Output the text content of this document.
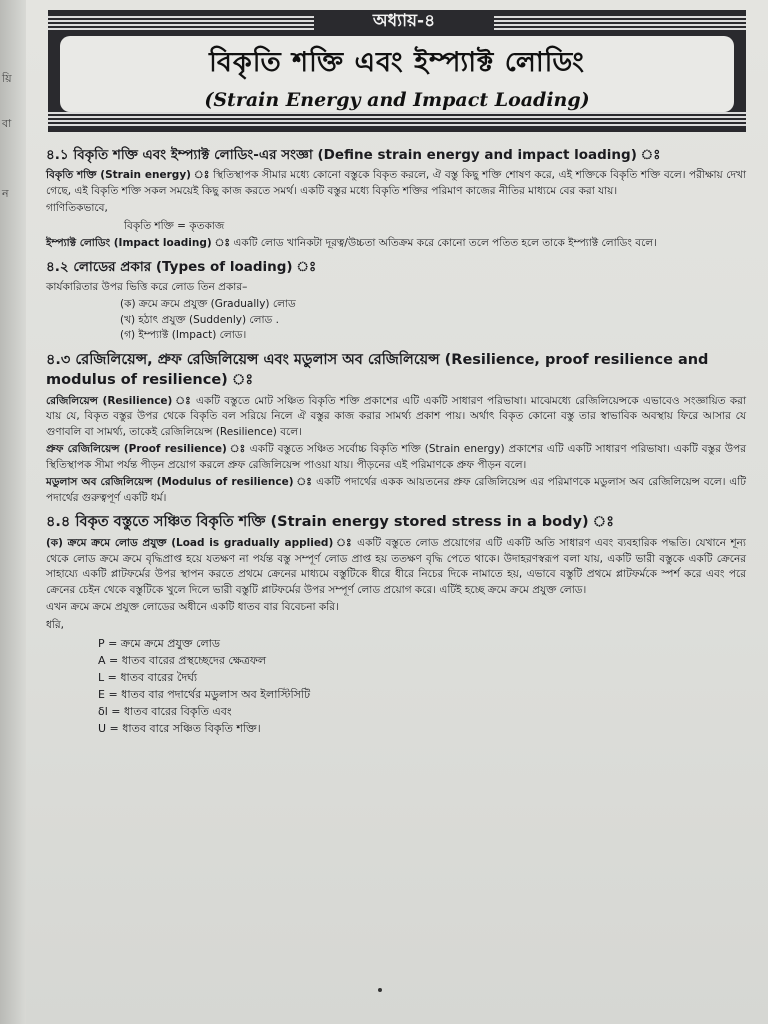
য়ি
বা
ন
অধ্যায়-৪
বিকৃতি শক্তি এবং ইম্প্যাক্ট লোডিং
(Strain Energy and Impact Loading)
৪.১ বিকৃতি শক্তি এবং ইম্প্যাক্ট লোডিং-এর সংজ্ঞা (Define strain energy and impact loading) ঃ

বিকৃতি শক্তি (Strain energy) ঃ স্থিতিস্থাপক সীমার মধ্যে কোনো বস্তুকে বিকৃত করলে, ঐ বস্তু কিছু শক্তি শোষণ করে, এই শক্তিকে বিকৃতি শক্তি বলে। পরীক্ষায় দেখা গেছে, এই বিকৃতি শক্তি সকল সময়েই কিছু কাজ করতে সমর্থ। একটি বস্তুর মধ্যে বিকৃতি শক্তির পরিমাণ কাজের নীতির মাধ্যমে বের করা যায়।

গাণিতিকভাবে,

বিকৃতি শক্তি = কৃতকাজ

ইম্প্যাক্ট লোডিং (Impact loading) ঃ একটি লোড খানিকটা দূরত্ব/উচ্চতা অতিক্রম করে কোনো তলে পতিত হলে তাকে ইম্প্যাক্ট লোডিং বলে।

৪.২ লোডের প্রকার (Types of loading) ঃ

কার্যকারিতার উপর ভিত্তি করে লোড তিন প্রকার–

(ক) ক্রমে ক্রমে প্রযুক্ত (Gradually) লোড
(খ) হঠাৎ প্রযুক্ত (Suddenly) লোড .
(গ) ইম্প্যাক্ট (Impact) লোড।
৪.৩ রেজিলিয়েন্স, প্রুফ রেজিলিয়েন্স এবং মডুলাস অব রেজিলিয়েন্স (Resilience, proof resilience and modulus of resilience) ঃ

রেজিলিয়েন্স (Resilience) ঃ একটি বস্তুতে মোট সঞ্চিত বিকৃতি শক্তি প্রকাশের এটি একটি সাধারণ পরিভাষা। মাঝেমধ্যে রেজিলিয়েন্সকে এভাবেও সংজ্ঞায়িত করা যায় যে, বিকৃত বস্তুর উপর থেকে বিকৃতি বল সরিয়ে নিলে ঐ বস্তুর কাজ করার সামর্থ্য প্রকাশ পায়। অর্থাৎ বিকৃত কোনো বস্তু তার স্বাভাবিক অবস্থায় ফিরে আসার যে গুণাবলি বা সামর্থ্য, তাকেই রেজিলিয়েন্স (Resilience) বলে।

প্রুফ রেজিলিয়েন্স (Proof resilience) ঃ একটি বস্তুতে সঞ্চিত সর্বোচ্চ বিকৃতি শক্তি (Strain energy) প্রকাশের এটি একটি সাধারণ পরিভাষা। একটি বস্তুর উপর স্থিতিস্থাপক সীমা পর্যন্ত পীড়ন প্রয়োগ করলে প্রুফ রেজিলিয়েন্স পাওয়া যায়। পীড়নের এই পরিমাণকে প্রুফ পীড়ন বলে।

মডুলাস অব রেজিলিয়েন্স (Modulus of resilience) ঃ একটি পদার্থের একক আয়তনের প্রুফ রেজিলিয়েন্স এর পরিমাণকে মডুলাস অব রেজিলিয়েন্স বলে। এটি পদার্থের গুরুত্বপূর্ণ একটি ধর্ম।

৪.৪ বিকৃত বস্তুতে সঞ্চিত বিকৃতি শক্তি (Strain energy stored stress in a body) ঃ

(ক) ক্রমে ক্রমে লোড প্রযুক্ত (Load is gradually applied) ঃ একটি বস্তুতে লোড প্রয়োগের এটি একটি অতি সাধারণ এবং ব্যবহারিক পদ্ধতি। যেখানে শূন্য থেকে লোড ক্রমে ক্রমে বৃদ্ধিপ্রাপ্ত হয়ে যতক্ষণ না পর্যন্ত বস্তু সম্পূর্ণ লোড প্রাপ্ত হয় ততক্ষণ বৃদ্ধি পেতে থাকে। উদাহরণস্বরূপ বলা যায়, একটি ভারী বস্তুকে একটি ক্রেনের সাহায্যে একটি প্লাটফর্মের উপর স্থাপন করতে প্রথমে ক্রেনের মাধ্যমে বস্তুটিকে ধীরে ধীরে নিচের দিকে নামাতে হয়, এভাবে বস্তুটি প্রথমে প্লাটফর্মকে স্পর্শ করে এবং পরে ক্রেনের চেইন থেকে বস্তুটিকে খুলে দিলে ভারী বস্তুটি প্লাটফর্মের উপর সম্পূর্ণ লোড প্রয়োগ করে। এটিই হচ্ছে ক্রমে ক্রমে প্রযুক্ত লোড।

এখন ক্রমে ক্রমে প্রযুক্ত লোডের অধীনে একটি ধাতব বার বিবেচনা করি।

ধরি,

P = ক্রমে ক্রমে প্রযুক্ত লোড
A = ধাতব বারের প্রস্থচ্ছেদের ক্ষেত্রফল
L = ধাতব বারের দৈর্ঘ্য
E = ধাতব বার পদার্থের মডুলাস অব ইলাস্টিসিটি
δl = ধাতব বারের বিকৃতি এবং
U = ধাতব বারে সঞ্চিত বিকৃতি শক্তি।
